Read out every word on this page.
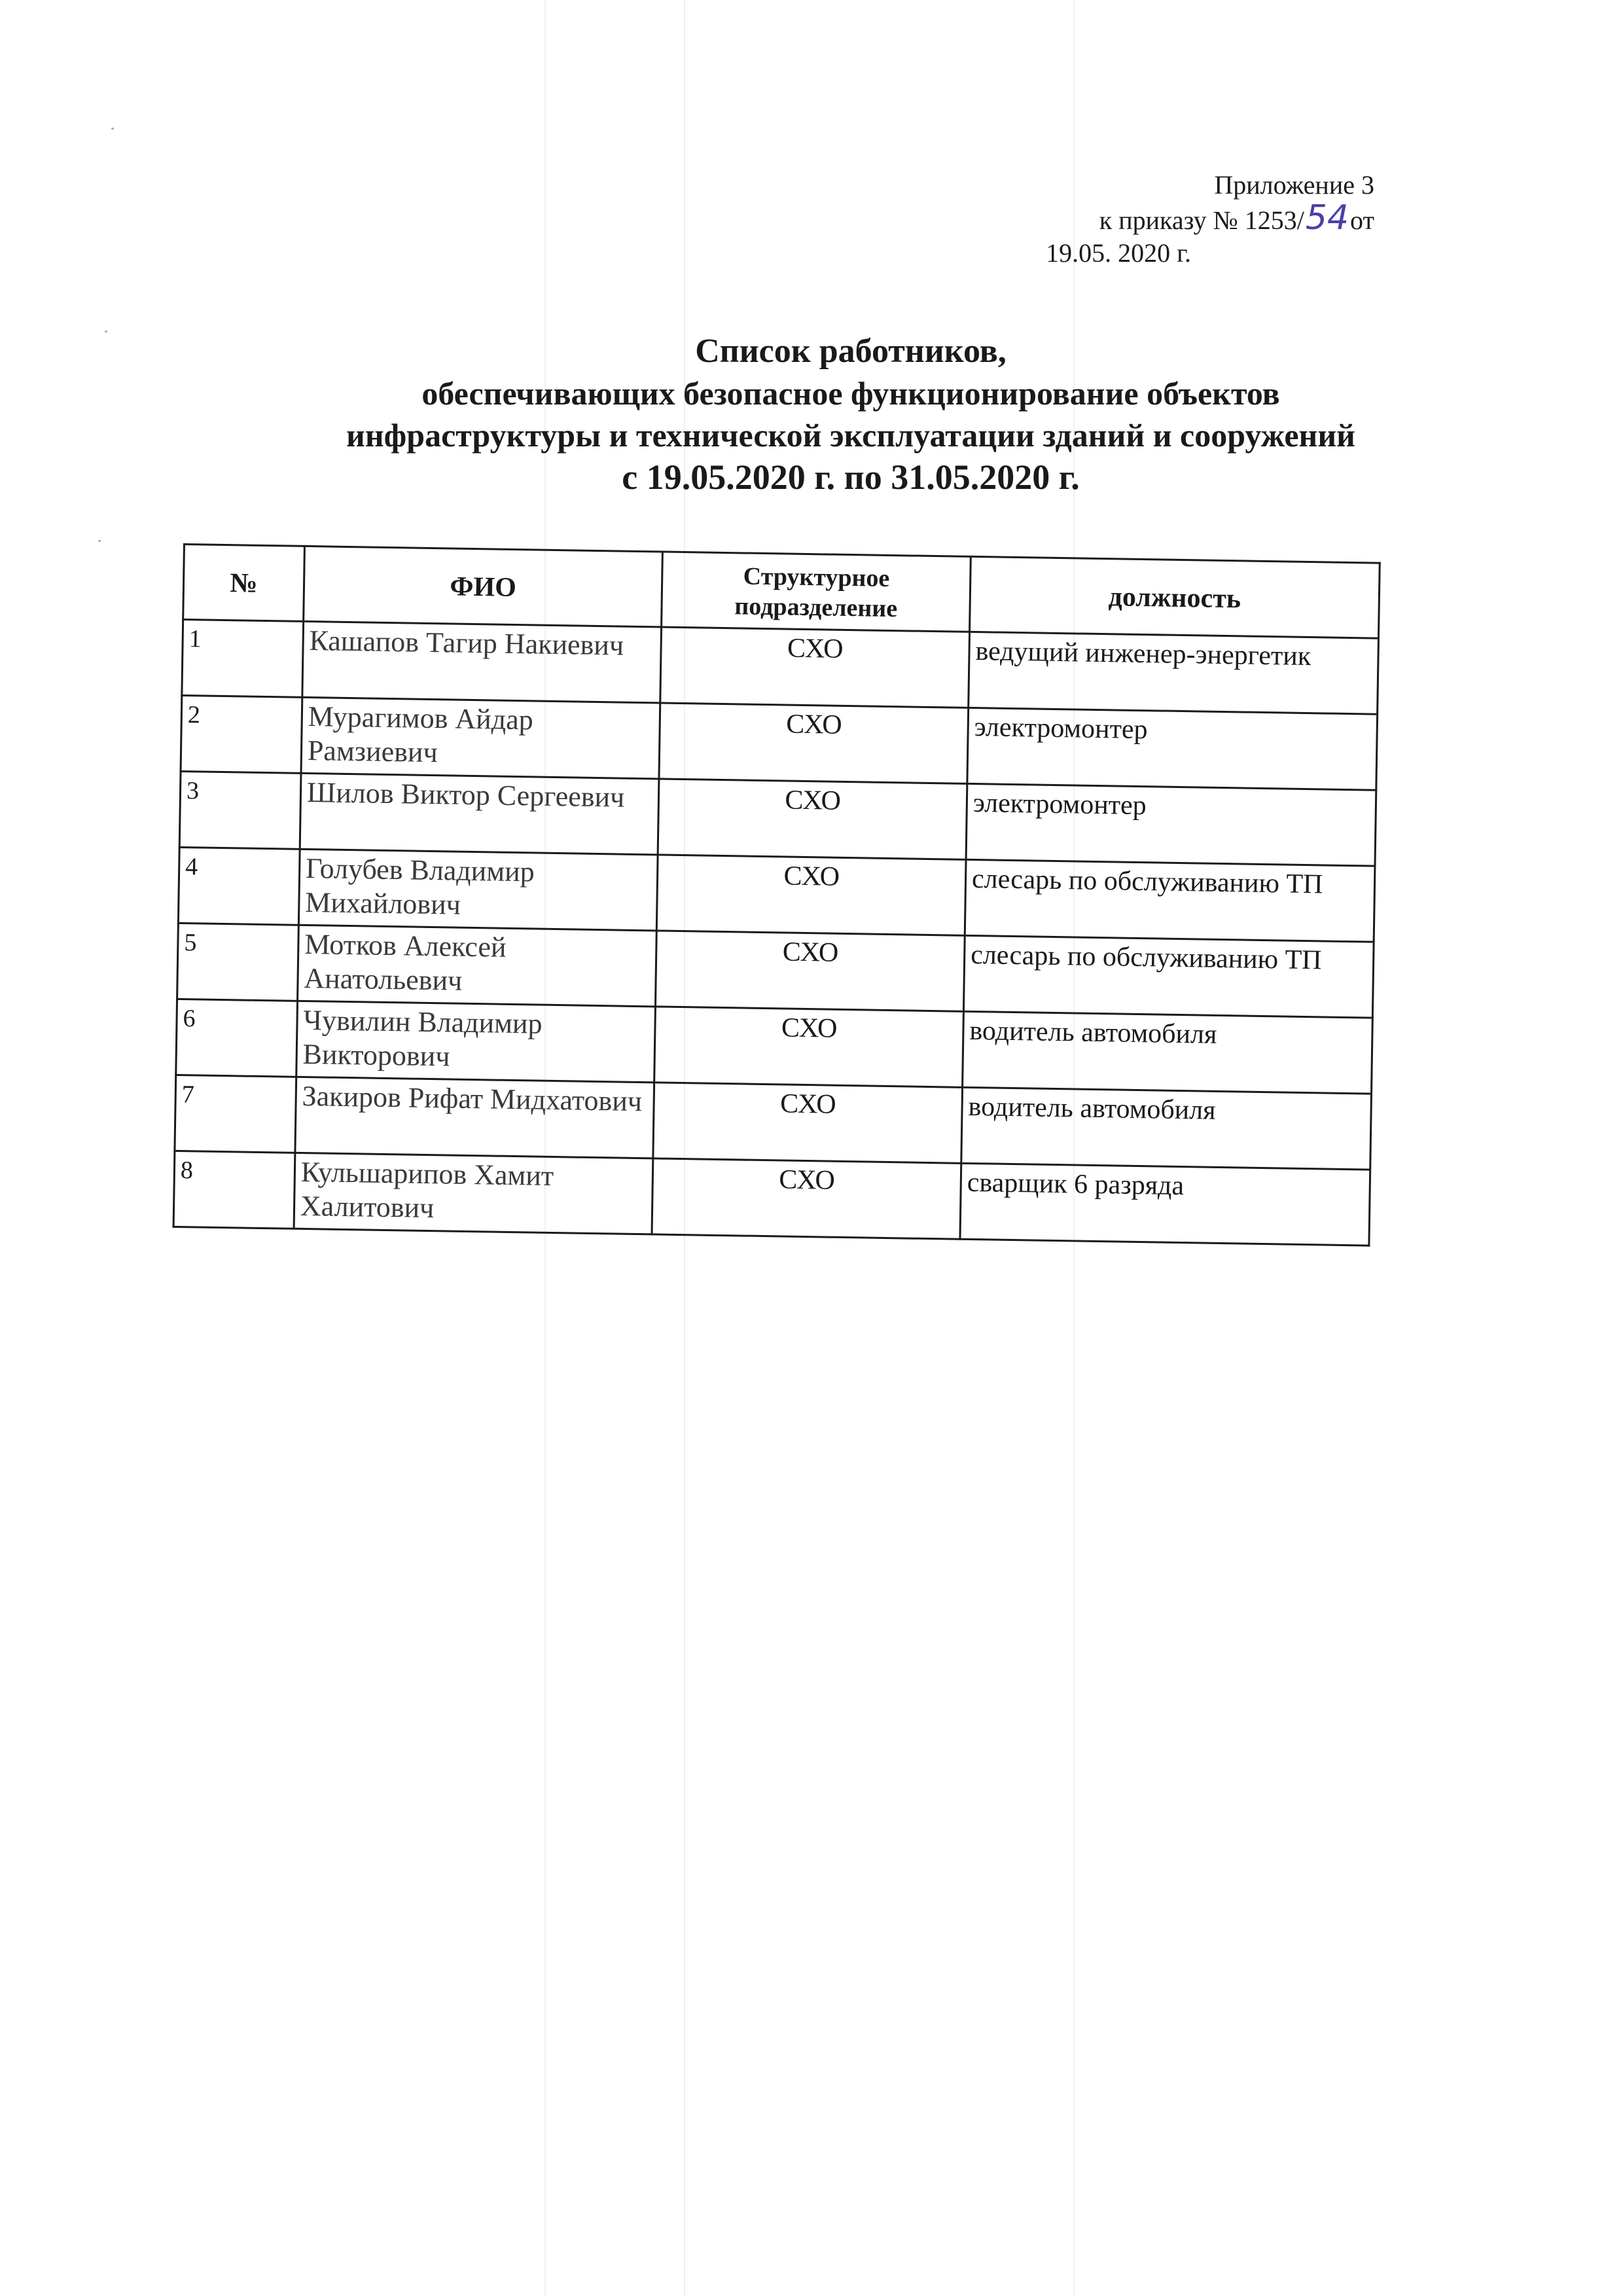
Приложение 3
к приказу № 1253/54от
19.05. 2020 г.
Список работников,
обеспечивающих безопасное функционирование объектов
инфраструктуры и технической эксплуатации зданий и сооружений
с 19.05.2020 г. по 31.05.2020 г.
№	ФИО	Структурное подразделение	должность
1	Кашапов Тагир Накиевич	СХО	ведущий инженер-энергетик
2	Мурагимов Айдар Рамзиевич	СХО	электромонтер
3	Шилов Виктор Сергеевич	СХО	электромонтер
4	Голубев Владимир Михайлович	СХО	слесарь по обслуживанию ТП
5	Мотков Алексей Анатольевич	СХО	слесарь по обслуживанию ТП
6	Чувилин Владимир Викторович	СХО	водитель автомобиля
7	Закиров Рифат Мидхатович	СХО	водитель автомобиля
8	Кульшарипов Хамит Халитович	СХО	сварщик 6 разряда
